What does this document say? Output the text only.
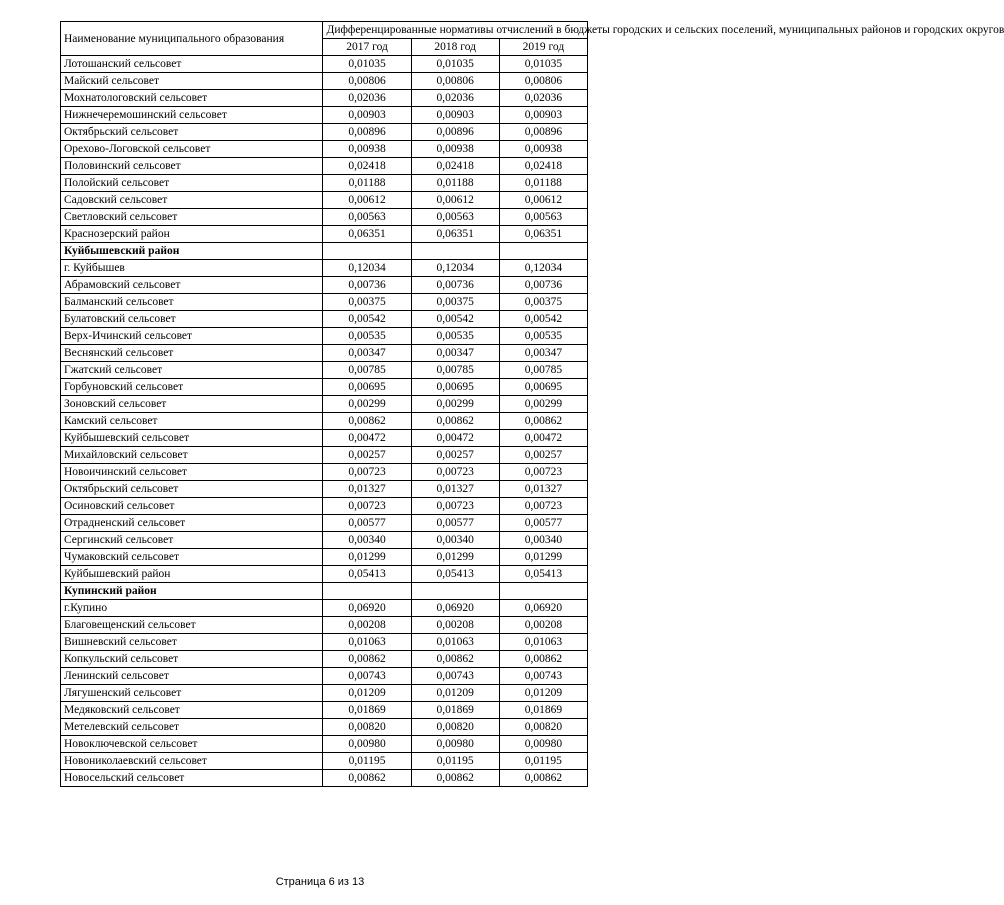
Наименование муниципального образования	Дифференцированные нормативы отчислений в бюджеты городских и сельских поселений, муниципальных районов и городских округов		
	2017 год	2018 год	2019 год
Лотошанский сельсовет	0,01035	0,01035	0,01035
Майский сельсовет	0,00806	0,00806	0,00806
Мохнатологовский сельсовет	0,02036	0,02036	0,02036
Нижнечеремошинский сельсовет	0,00903	0,00903	0,00903
Октябрьский сельсовет	0,00896	0,00896	0,00896
Орехово-Логовской сельсовет	0,00938	0,00938	0,00938
Половинский сельсовет	0,02418	0,02418	0,02418
Полойский сельсовет	0,01188	0,01188	0,01188
Садовский сельсовет	0,00612	0,00612	0,00612
Светловский сельсовет	0,00563	0,00563	0,00563
Краснозерский район	0,06351	0,06351	0,06351
Куйбышевский район			
г. Куйбышев	0,12034	0,12034	0,12034
Абрамовский сельсовет	0,00736	0,00736	0,00736
Балманский сельсовет	0,00375	0,00375	0,00375
Булатовский сельсовет	0,00542	0,00542	0,00542
Верх-Ичинский сельсовет	0,00535	0,00535	0,00535
Веснянский сельсовет	0,00347	0,00347	0,00347
Гжатский сельсовет	0,00785	0,00785	0,00785
Горбуновский сельсовет	0,00695	0,00695	0,00695
Зоновский сельсовет	0,00299	0,00299	0,00299
Камский сельсовет	0,00862	0,00862	0,00862
Куйбышевский сельсовет	0,00472	0,00472	0,00472
Михайловский сельсовет	0,00257	0,00257	0,00257
Новоичинский сельсовет	0,00723	0,00723	0,00723
Октябрьский сельсовет	0,01327	0,01327	0,01327
Осиновский сельсовет	0,00723	0,00723	0,00723
Отрадненский сельсовет	0,00577	0,00577	0,00577
Сергинский сельсовет	0,00340	0,00340	0,00340
Чумаковский сельсовет	0,01299	0,01299	0,01299
Куйбышевский район	0,05413	0,05413	0,05413
Купинский район			
г.Купино	0,06920	0,06920	0,06920
Благовещенский сельсовет	0,00208	0,00208	0,00208
Вишневский сельсовет	0,01063	0,01063	0,01063
Копкульский сельсовет	0,00862	0,00862	0,00862
Ленинский сельсовет	0,00743	0,00743	0,00743
Лягушенский сельсовет	0,01209	0,01209	0,01209
Медяковский сельсовет	0,01869	0,01869	0,01869
Метелевский сельсовет	0,00820	0,00820	0,00820
Новоключевской сельсовет	0,00980	0,00980	0,00980
Новониколаевский сельсовет	0,01195	0,01195	0,01195
Новосельский сельсовет	0,00862	0,00862	0,00862
Страница 6 из 13
